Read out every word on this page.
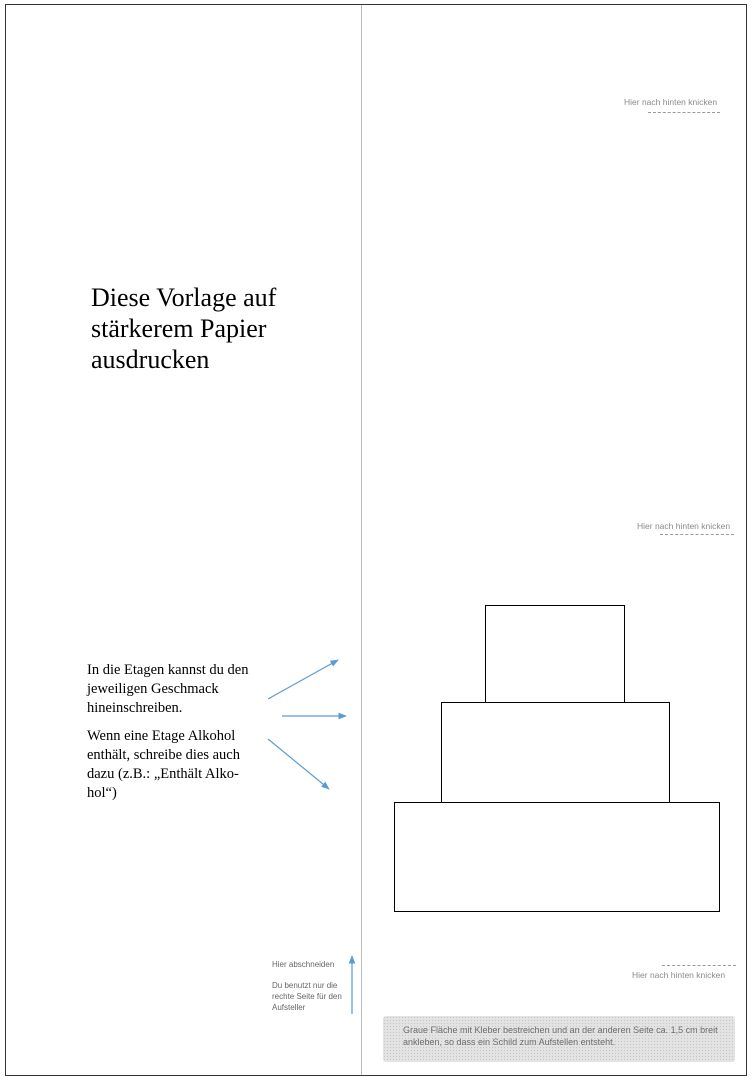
Hier nach hinten knicken
Hier nach hinten knicken
Hier nach hinten knicken
Diese Vorlage auf stärkerem Papier ausdrucken
In die Etagen kannst du den jeweiligen Geschmack hineinschreiben.
Wenn eine Etage Alkohol enthält, schreibe dies auch dazu (z.B.: „Enthält Alko-hol“)
Hier abschneiden
Du benutzt nur die rechte Seite für den Aufsteller
Graue Fläche mit Kleber bestreichen und an der anderen Seite ca. 1,5 cm breit ankleben, so dass ein Schild zum Aufstellen entsteht.
